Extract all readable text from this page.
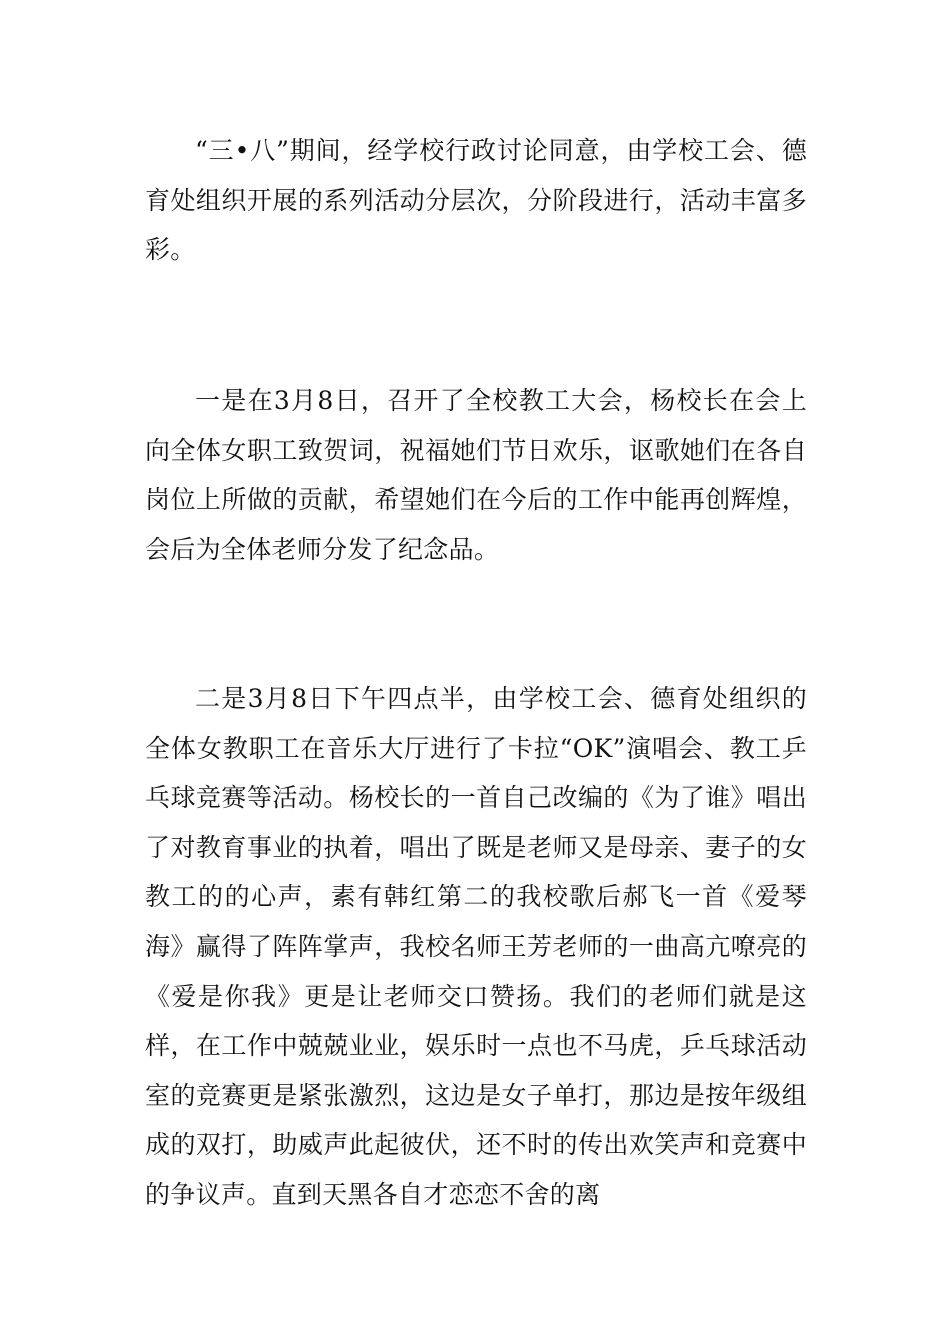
“三•八”期间，经学校行政讨论同意，由学校工会、德育处组织开展的系列活动分层次，分阶段进行，活动丰富多彩。

一是在3月8日，召开了全校教工大会，杨校长在会上向全体女职工致贺词，祝福她们节日欢乐，讴歌她们在各自岗位上所做的贡献，希望她们在今后的工作中能再创辉煌，会后为全体老师分发了纪念品。

二是3月8日下午四点半，由学校工会、德育处组织的全体女教职工在音乐大厅进行了卡拉“OK”演唱会、教工乒乓球竞赛等活动。杨校长的一首自己改编的《为了谁》唱出了对教育事业的执着，唱出了既是老师又是母亲、妻子的女教工的的心声，素有韩红第二的我校歌后郝飞一首《爱琴海》赢得了阵阵掌声，我校名师王芳老师的一曲高亢嘹亮的《爱是你我》更是让老师交口赞扬。我们的老师们就是这样，在工作中兢兢业业，娱乐时一点也不马虎，乒乓球活动室的竞赛更是紧张激烈，这边是女子单打，那边是按年级组成的双打，助威声此起彼伏，还不时的传出欢笑声和竞赛中的争议声。直到天黑各自才恋恋不舍的离
